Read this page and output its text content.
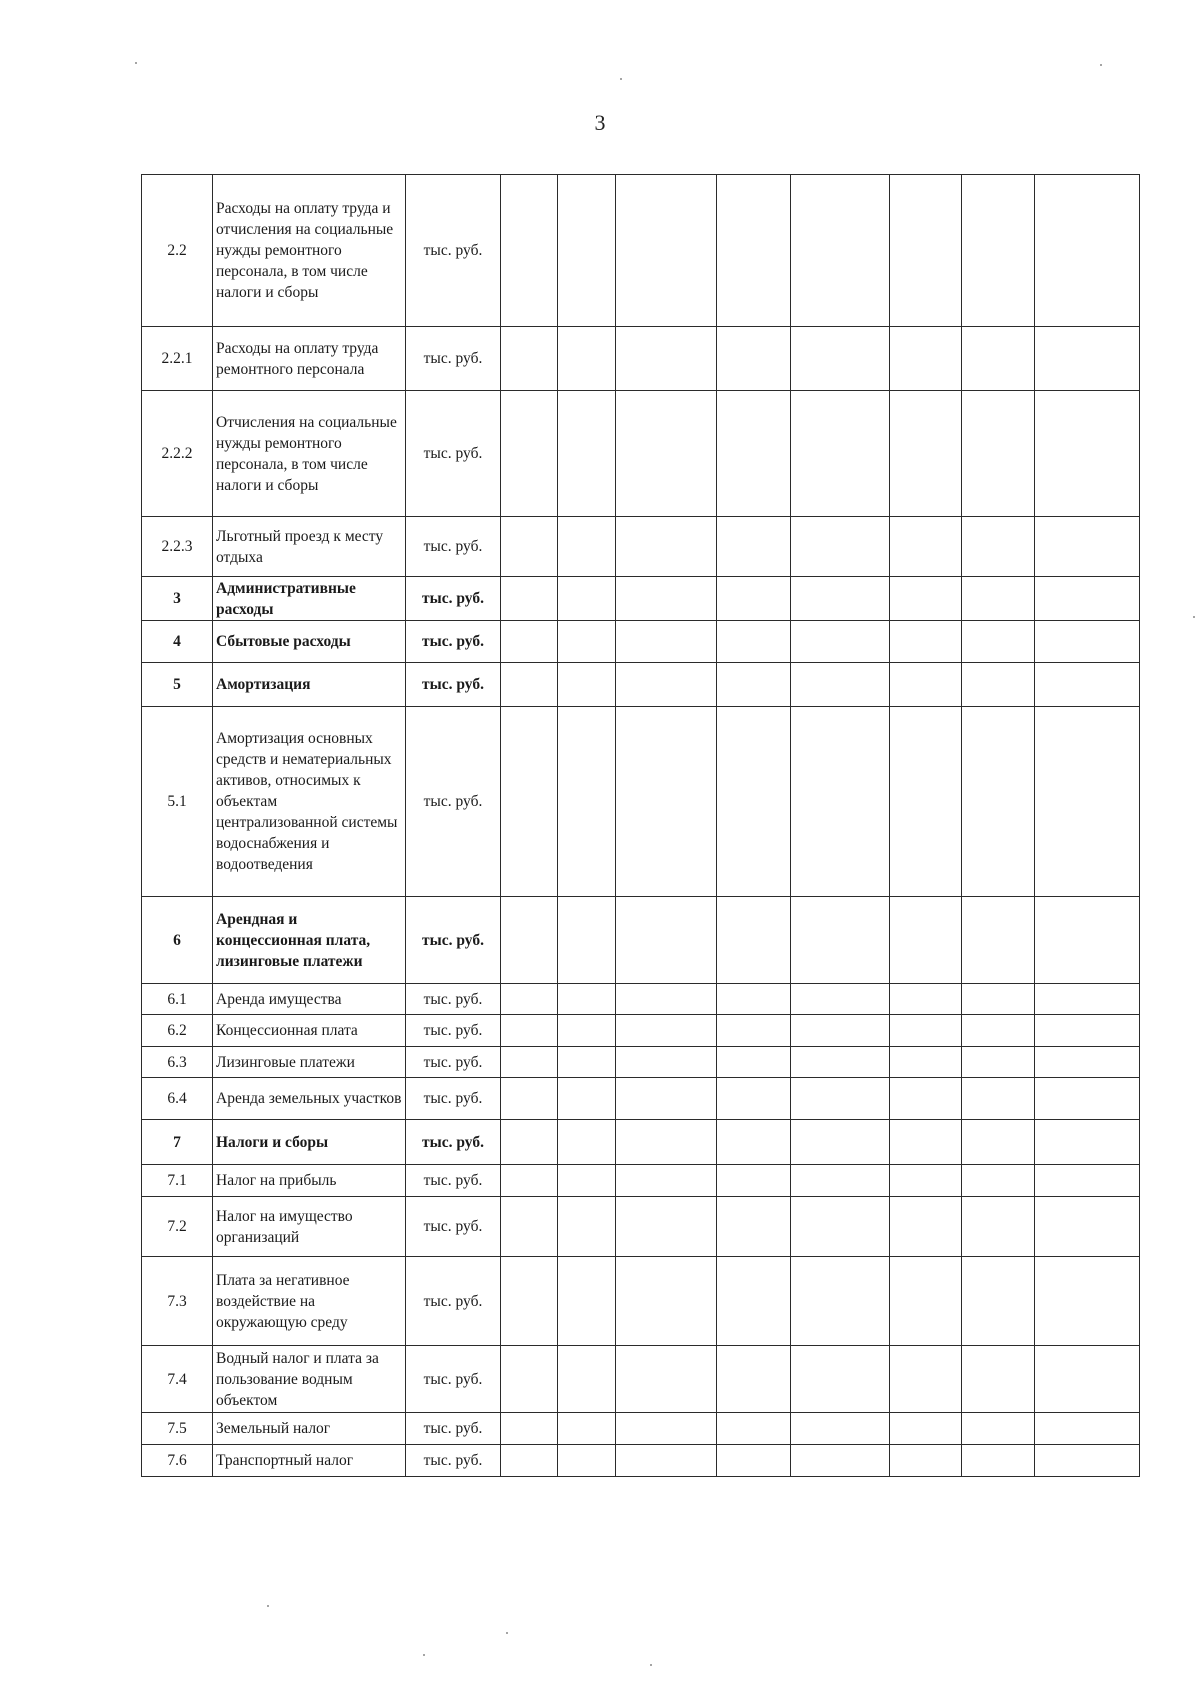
3
2.2	Расходы на оплату труда и отчисления на социальные нужды ремонтного персонала, в том числе налоги и сборы	тыс. руб.								
2.2.1	Расходы на оплату труда ремонтного персонала	тыс. руб.								
2.2.2	Отчисления на социальные нужды ремонтного персонала, в том числе налоги и сборы	тыс. руб.								
2.2.3	Льготный проезд к месту отдыха	тыс. руб.								
3	Административные расходы	тыс. руб.								
4	Сбытовые расходы	тыс. руб.								
5	Амортизация	тыс. руб.								
5.1	Амортизация основных средств и нематериальных активов, относимых к объектам централизованной системы водоснабжения и водоотведения	тыс. руб.								
6	Арендная и концессионная плата, лизинговые платежи	тыс. руб.								
6.1	Аренда имущества	тыс. руб.								
6.2	Концессионная плата	тыс. руб.								
6.3	Лизинговые платежи	тыс. руб.								
6.4	Аренда земельных участков	тыс. руб.								
7	Налоги и сборы	тыс. руб.								
7.1	Налог на прибыль	тыс. руб.								
7.2	Налог на имущество организаций	тыс. руб.								
7.3	Плата за негативное воздействие на окружающую среду	тыс. руб.								
7.4	Водный налог и плата за пользование водным объектом	тыс. руб.								
7.5	Земельный налог	тыс. руб.								
7.6	Транспортный налог	тыс. руб.								
